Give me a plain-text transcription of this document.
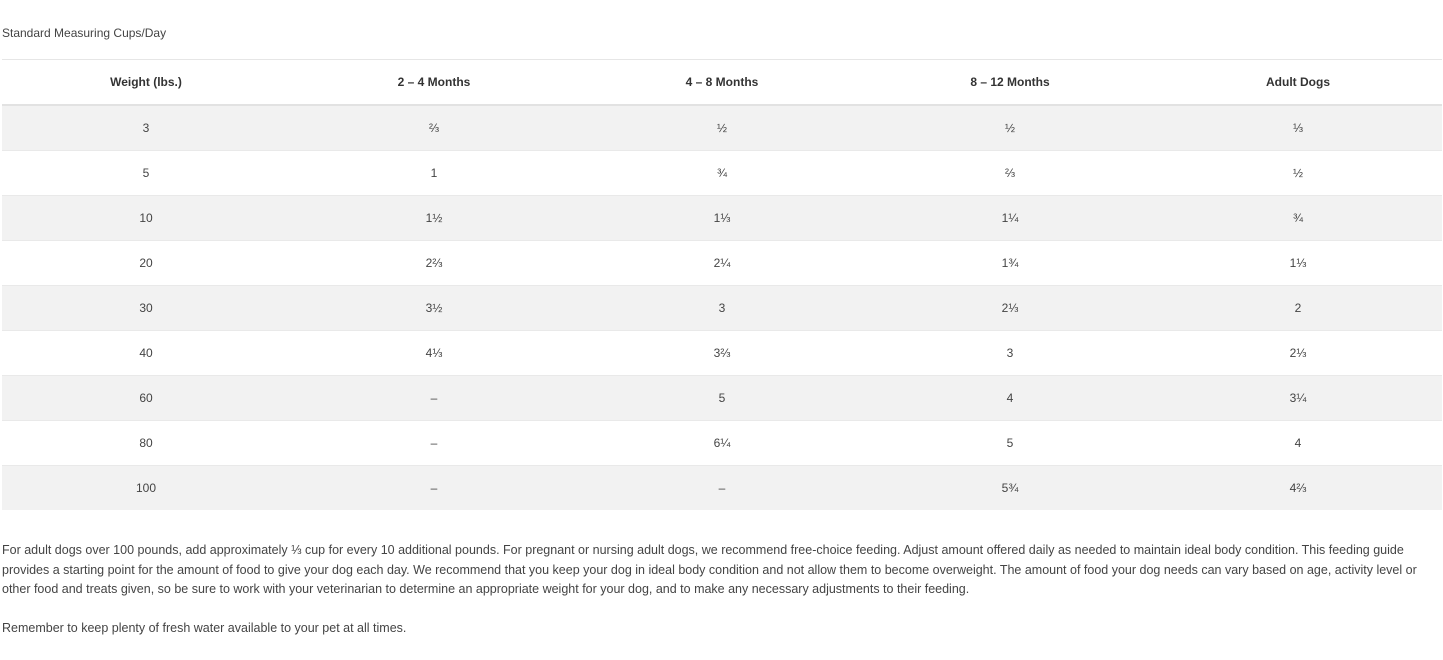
Standard Measuring Cups/Day
Weight (lbs.)	2 – 4 Months	4 – 8 Months	8 – 12 Months	Adult Dogs
3	⅔	½	½	⅓
5	1	¾	⅔	½
10	1½	1⅓	1¼	¾
20	2⅔	2¼	1¾	1⅓
30	3½	3	2⅓	2
40	4⅓	3⅔	3	2⅓
60	–	5	4	3¼
80	–	6¼	5	4
100	–	–	5¾	4⅔

For adult dogs over 100 pounds, add approximately ⅓ cup for every 10 additional pounds. For pregnant or nursing adult dogs, we recommend free-choice feeding. Adjust amount offered daily as needed to maintain ideal body condition. This feeding guide provides a starting point for the amount of food to give your dog each day. We recommend that you keep your dog in ideal body condition and not allow them to become overweight. The amount of food your dog needs can vary based on age, activity level or other food and treats given, so be sure to work with your veterinarian to determine an appropriate weight for your dog, and to make any necessary adjustments to their feeding.

Remember to keep plenty of fresh water available to your pet at all times.
